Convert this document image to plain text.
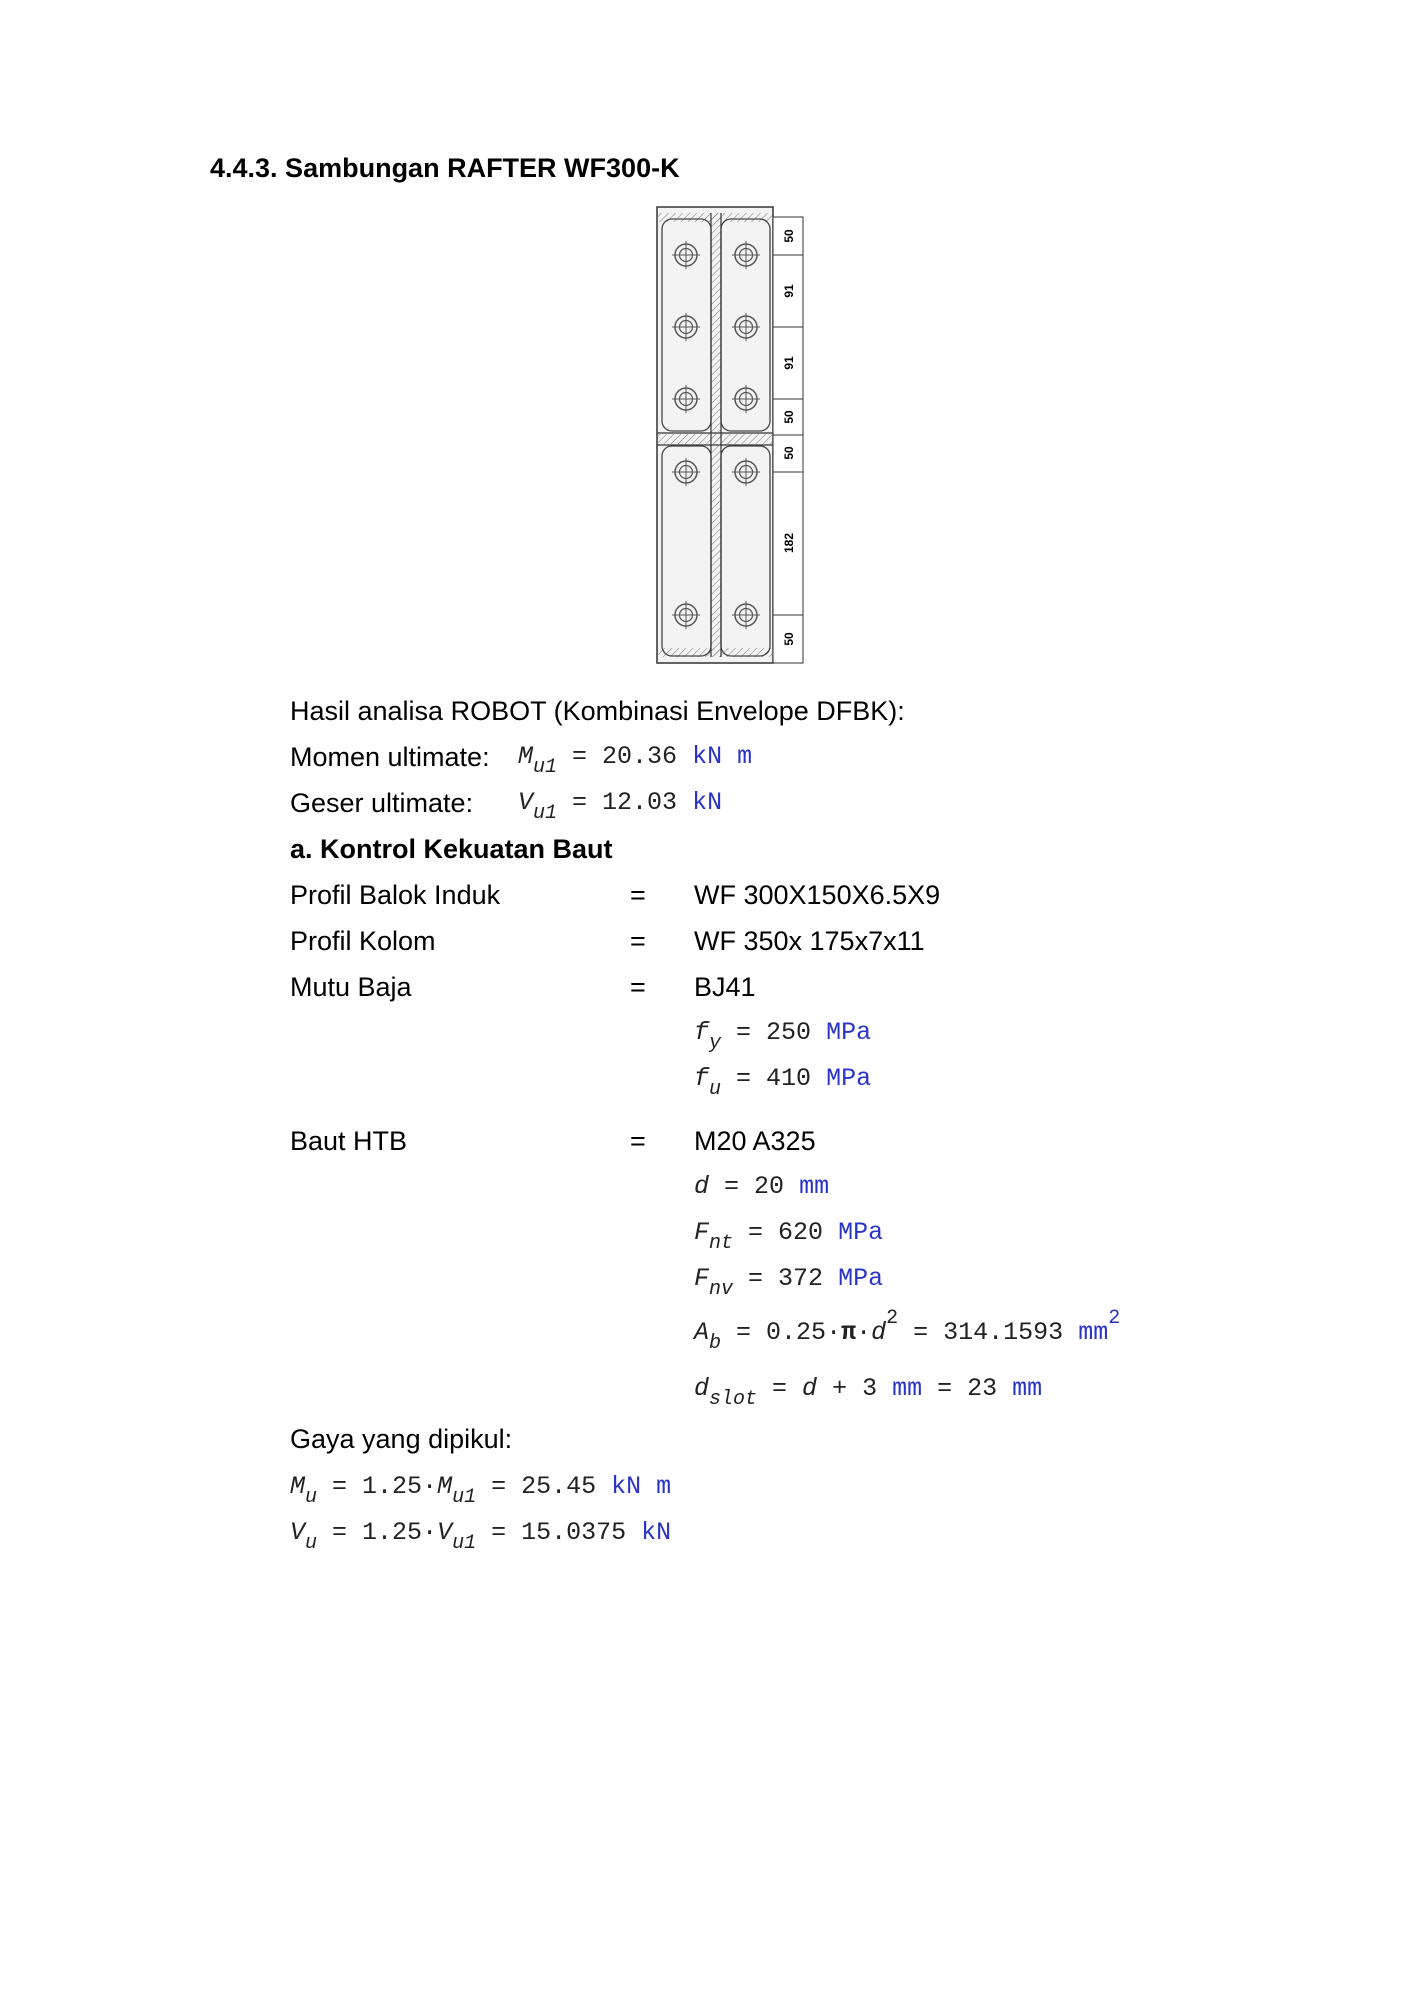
4.4.3. Sambungan RAFTER WF300-K
50
91
91
50
50
182
50
Hasil analisa ROBOT (Kombinasi Envelope DFBK):
Momen ultimate: $M_{u1} = 20.36$ kN m
Geser ultimate: $V_{u1} = 12.03$ kN
a. Kontrol Kekuatan Baut
Profil Balok Induk	= WF 300X150X6.5X9
Profil Kolom	= WF 350x 175x7x11
Mutu Baja	= BJ41
$f_y = 250$ MPa
$f_u = 410$ MPa
Baut HTB	= M20 A325
d = 20 mm
$F_{nt} = 620$ MPa
$F_{nv} = 372$ MPa
$A_b = 0.25\cdot\pi\cdot d^2 = 314.1593$ $mm^2$
$d_{slot} = d + 3$ mm = 23 mm
Gaya yang dipikul:
$M_u = 1.25\cdot M_{u1} = 25.45$ kN m
$V_u = 1.25\cdot V_{u1} = 15.0375$ kN
